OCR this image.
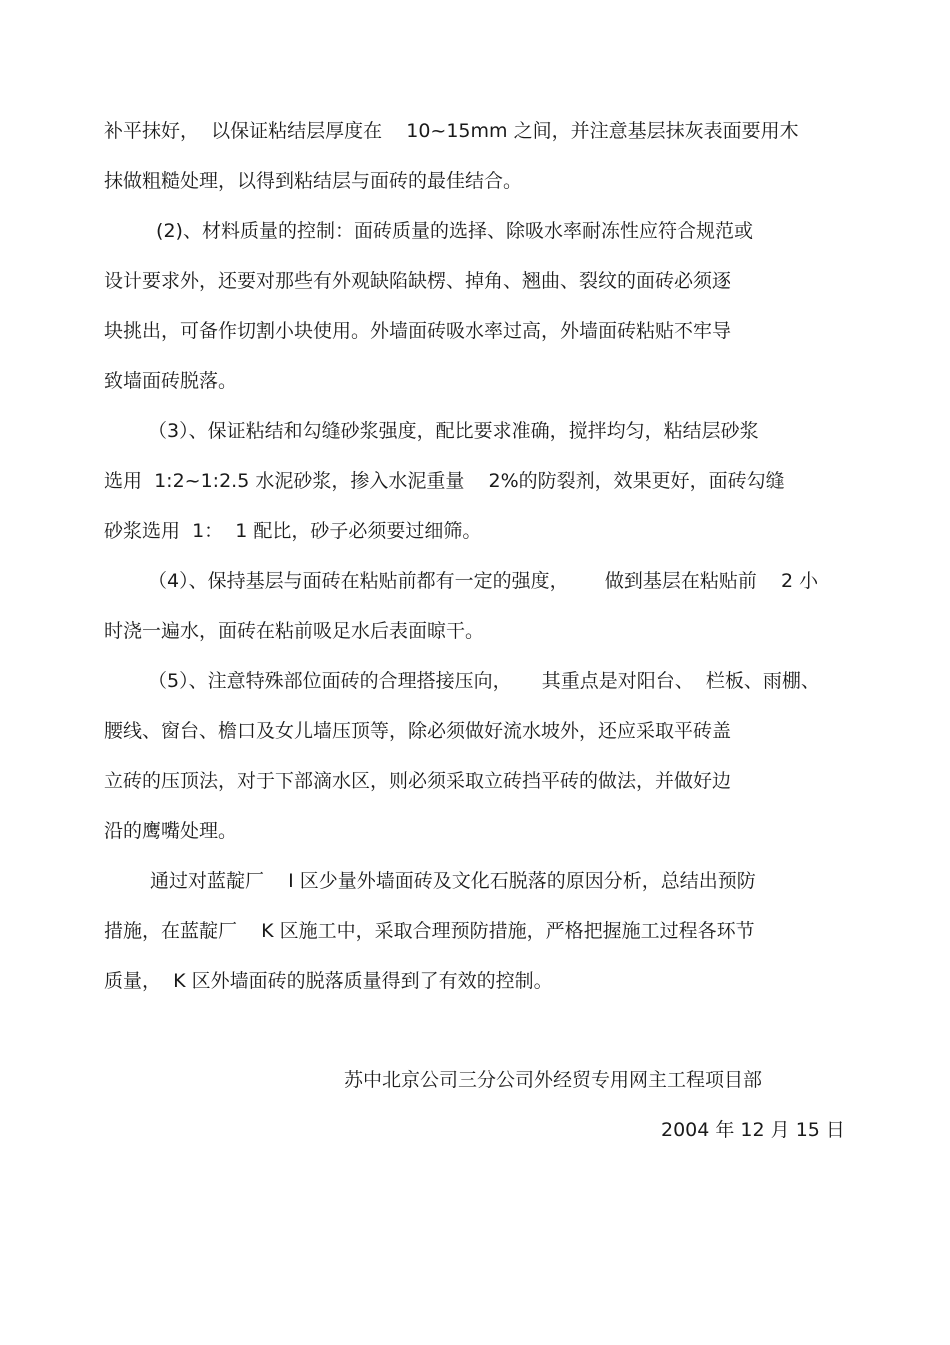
补平抹好，  以保证粘结层厚度在    10~15mm 之间，并注意基层抹灰表面要用木
抹做粗糙处理，以得到粘结层与面砖的最佳结合。
(2)、材料质量的控制：面砖质量的选择、除吸水率耐冻性应符合规范或
设计要求外，还要对那些有外观缺陷缺楞、掉角、翘曲、裂纹的面砖必须逐
块挑出，可备作切割小块使用。外墙面砖吸水率过高，外墙面砖粘贴不牢导
致墙面砖脱落。
（3）、保证粘结和勾缝砂浆强度，配比要求准确，搅拌均匀，粘结层砂浆
选用  1:2~1:2.5 水泥砂浆，掺入水泥重量    2%的防裂剂，效果更好，面砖勾缝
砂浆选用  1：  1 配比，砂子必须要过细筛。
（4）、保持基层与面砖在粘贴前都有一定的强度，      做到基层在粘贴前    2 小
时浇一遍水，面砖在粘前吸足水后表面晾干。
（5）、注意特殊部位面砖的合理搭接压向，     其重点是对阳台、  栏板、雨棚、
腰线、窗台、檐口及女儿墙压顶等，除必须做好流水坡外，还应采取平砖盖
立砖的压顶法，对于下部滴水区，则必须采取立砖挡平砖的做法，并做好边
沿的鹰嘴处理。
通过对蓝靛厂    I 区少量外墙面砖及文化石脱落的原因分析，总结出预防
措施，在蓝靛厂    K 区施工中，采取合理预防措施，严格把握施工过程各环节
质量，  K 区外墙面砖的脱落质量得到了有效的控制。
苏中北京公司三分公司外经贸专用网主工程项目部
2004 年 12 月 15 日
